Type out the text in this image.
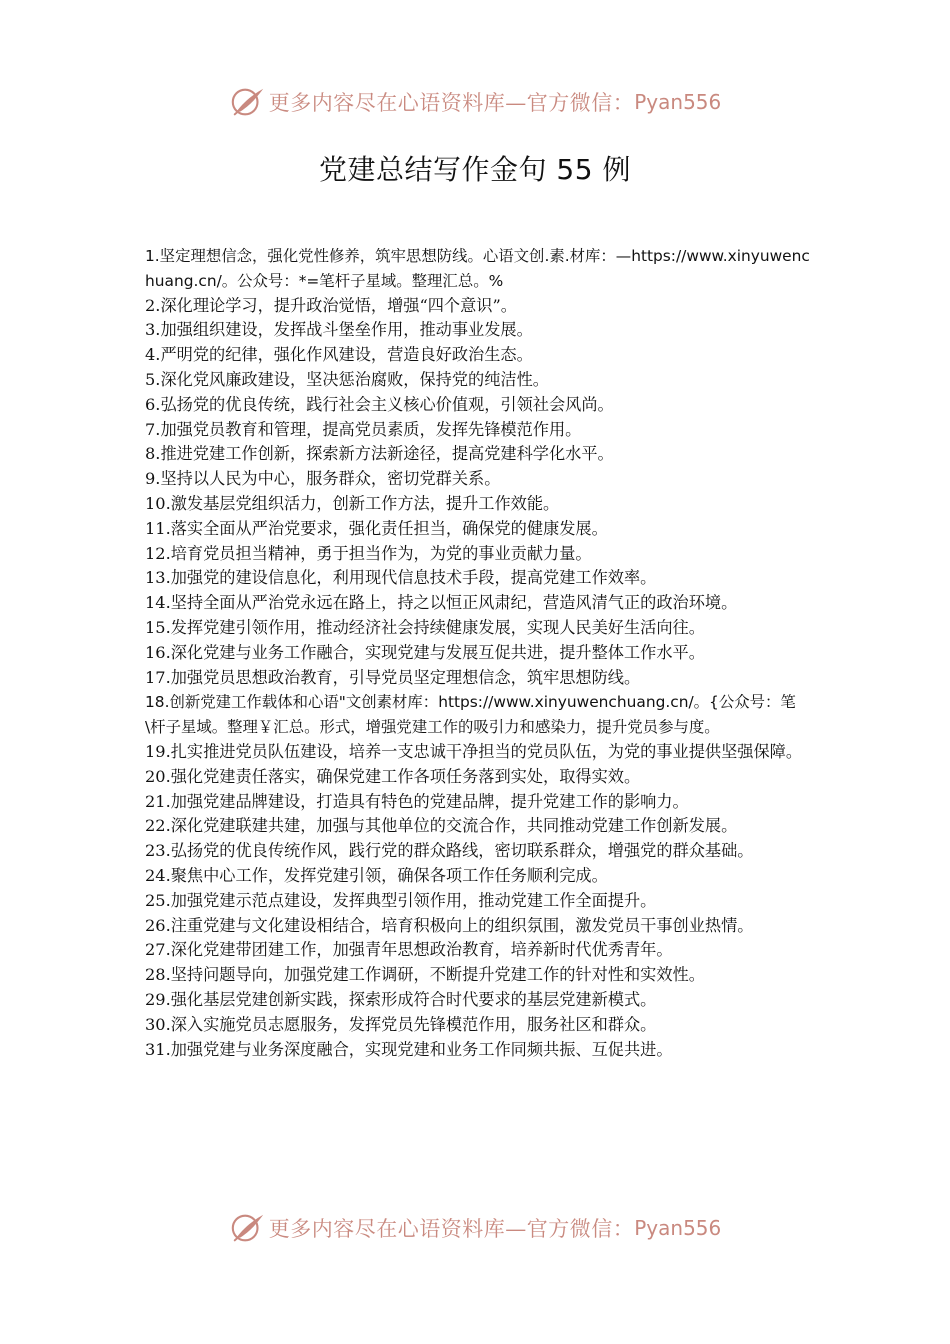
更多内容尽在心语资料库—官方微信： Pyan556
党建总结写作金句 55 例

1.坚定理想信念，强化党性修养，筑牢思想防线。心语文创.素.材库：—https://www.xinyuwenchuang.cn/。公众号：*=笔杆子星域。整理汇总。%

2.深化理论学习，提升政治觉悟，增强“四个意识”。

3.加强组织建设，发挥战斗堡垒作用，推动事业发展。

4.严明党的纪律，强化作风建设，营造良好政治生态。

5.深化党风廉政建设，坚决惩治腐败，保持党的纯洁性。

6.弘扬党的优良传统，践行社会主义核心价值观，引领社会风尚。

7.加强党员教育和管理，提高党员素质，发挥先锋模范作用。

8.推进党建工作创新，探索新方法新途径，提高党建科学化水平。

9.坚持以人民为中心，服务群众，密切党群关系。

10.激发基层党组织活力，创新工作方法，提升工作效能。

11.落实全面从严治党要求，强化责任担当，确保党的健康发展。

12.培育党员担当精神，勇于担当作为，为党的事业贡献力量。

13.加强党的建设信息化，利用现代信息技术手段，提高党建工作效率。

14.坚持全面从严治党永远在路上，持之以恒正风肃纪，营造风清气正的政治环境。

15.发挥党建引领作用，推动经济社会持续健康发展，实现人民美好生活向往。

16.深化党建与业务工作融合，实现党建与发展互促共进，提升整体工作水平。

17.加强党员思想政治教育，引导党员坚定理想信念，筑牢思想防线。

18.创新党建工作载体和心语"文创素材库：https://www.xinyuwenchuang.cn/。{公众号：笔\杆子星域。整理￥汇总。形式，增强党建工作的吸引力和感染力，提升党员参与度。

19.扎实推进党员队伍建设，培养一支忠诚干净担当的党员队伍，为党的事业提供坚强保障。

20.强化党建责任落实，确保党建工作各项任务落到实处，取得实效。

21.加强党建品牌建设，打造具有特色的党建品牌，提升党建工作的影响力。

22.深化党建联建共建，加强与其他单位的交流合作，共同推动党建工作创新发展。

23.弘扬党的优良传统作风，践行党的群众路线，密切联系群众，增强党的群众基础。

24.聚焦中心工作，发挥党建引领，确保各项工作任务顺利完成。

25.加强党建示范点建设，发挥典型引领作用，推动党建工作全面提升。

26.注重党建与文化建设相结合，培育积极向上的组织氛围，激发党员干事创业热情。

27.深化党建带团建工作，加强青年思想政治教育，培养新时代优秀青年。

28.坚持问题导向，加强党建工作调研，不断提升党建工作的针对性和实效性。

29.强化基层党建创新实践，探索形成符合时代要求的基层党建新模式。

30.深入实施党员志愿服务，发挥党员先锋模范作用，服务社区和群众。

31.加强党建与业务深度融合，实现党建和业务工作同频共振、互促共进。

更多内容尽在心语资料库—官方微信： Pyan556
